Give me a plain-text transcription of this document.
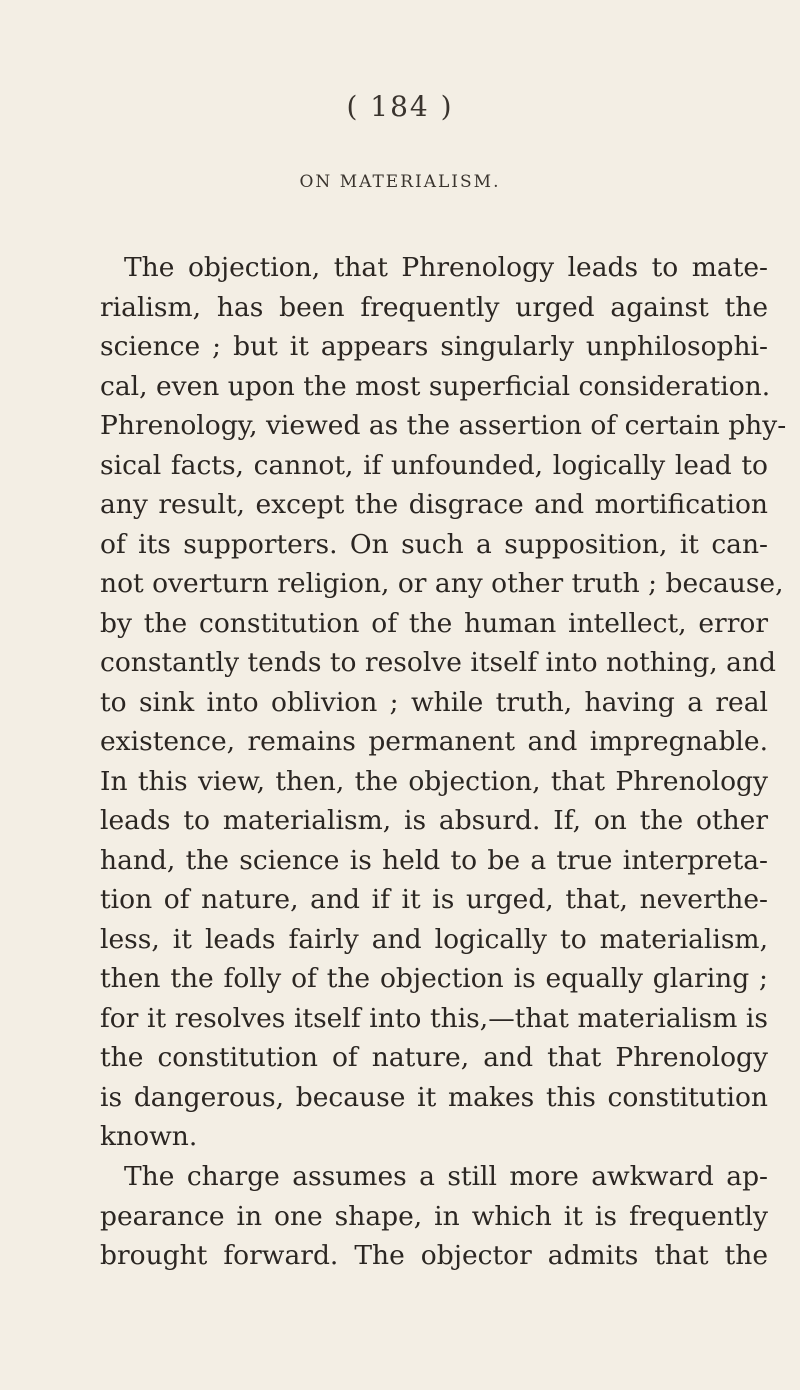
( 184 )
ON MATERIALISM.
The objection, that Phrenology leads to mate-
rialism, has been frequently urged against the
science ; but it appears singularly unphilosophi-
cal, even upon the most superficial consideration.
Phrenology, viewed as the assertion of certain phy-
sical facts, cannot, if unfounded, logically lead to
any result, except the disgrace and mortification
of its supporters. On such a supposition, it can-
not overturn religion, or any other truth ; because,
by the constitution of the human intellect, error
constantly tends to resolve itself into nothing, and
to sink into oblivion ; while truth, having a real
existence, remains permanent and impregnable.
In this view, then, the objection, that Phrenology
leads to materialism, is absurd. If, on the other
hand, the science is held to be a true interpreta-
tion of nature, and if it is urged, that, neverthe-
less, it leads fairly and logically to materialism,
then the folly of the objection is equally glaring ;
for it resolves itself into this,—that materialism is
the constitution of nature, and that Phrenology
is dangerous, because it makes this constitution
known.
The charge assumes a still more awkward ap-
pearance in one shape, in which it is frequently
brought forward. The objector admits that the
